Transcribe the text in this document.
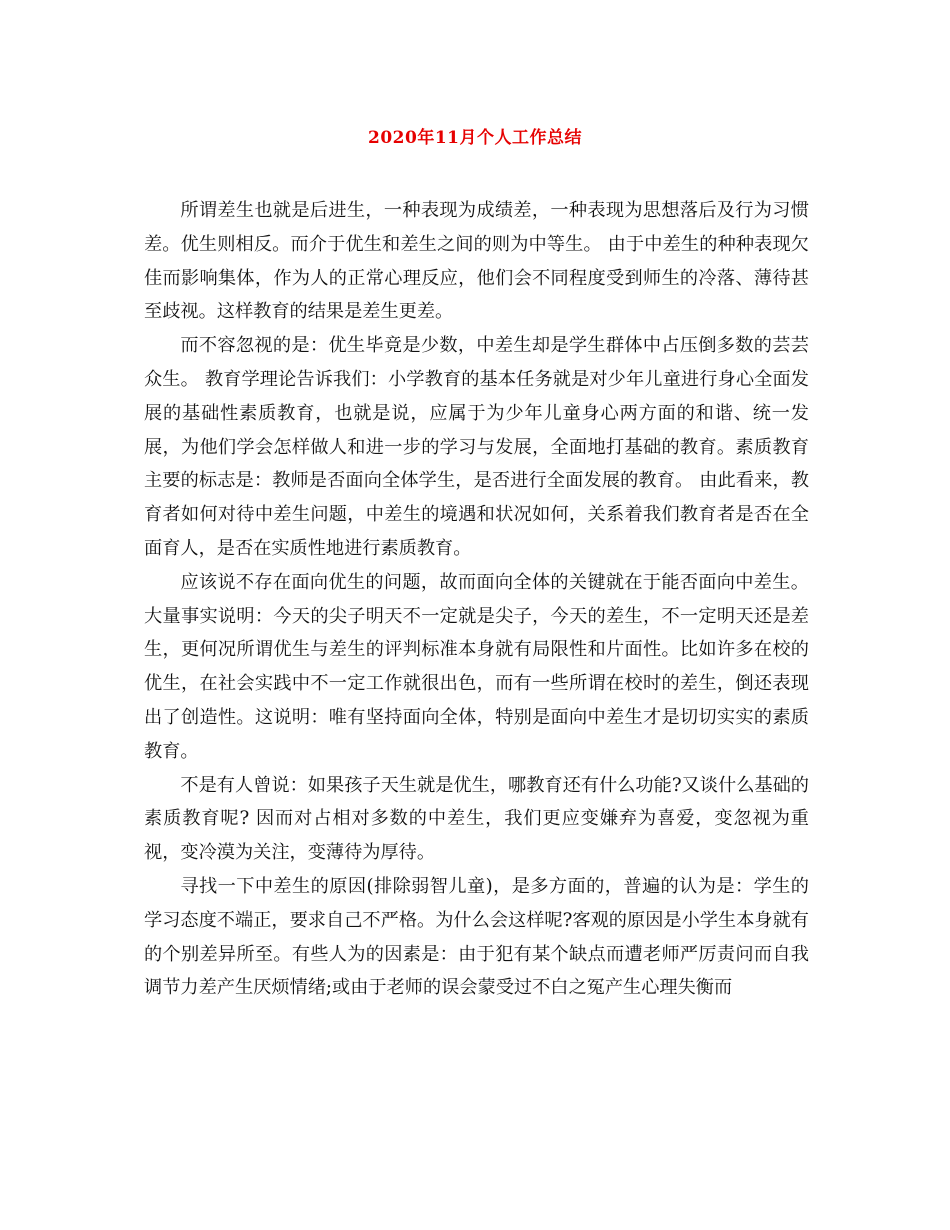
2020年11月个人工作总结

所谓差生也就是后进生，一种表现为成绩差，一种表现为思想落后及行为习惯差。优生则相反。而介于优生和差生之间的则为中等生。 由于中差生的种种表现欠佳而影响集体，作为人的正常心理反应，他们会不同程度受到师生的冷落、薄待甚至歧视。这样教育的结果是差生更差。

而不容忽视的是：优生毕竟是少数，中差生却是学生群体中占压倒多数的芸芸众生。 教育学理论告诉我们：小学教育的基本任务就是对少年儿童进行身心全面发展的基础性素质教育，也就是说，应属于为少年儿童身心两方面的和谐、统一发展，为他们学会怎样做人和进一步的学习与发展，全面地打基础的教育。素质教育主要的标志是：教师是否面向全体学生，是否进行全面发展的教育。 由此看来，教育者如何对待中差生问题，中差生的境遇和状况如何，关系着我们教育者是否在全面育人，是否在实质性地进行素质教育。

应该说不存在面向优生的问题，故而面向全体的关键就在于能否面向中差生。大量事实说明：今天的尖子明天不一定就是尖子，今天的差生，不一定明天还是差生，更何况所谓优生与差生的评判标准本身就有局限性和片面性。比如许多在校的优生，在社会实践中不一定工作就很出色，而有一些所谓在校时的差生，倒还表现出了创造性。这说明：唯有坚持面向全体，特别是面向中差生才是切切实实的素质教育。

不是有人曾说：如果孩子天生就是优生，哪教育还有什么功能?又谈什么基础的素质教育呢? 因而对占相对多数的中差生，我们更应变嫌弃为喜爱，变忽视为重视，变冷漠为关注，变薄待为厚待。

寻找一下中差生的原因(排除弱智儿童)，是多方面的，普遍的认为是：学生的学习态度不端正，要求自己不严格。为什么会这样呢?客观的原因是小学生本身就有的个别差异所至。有些人为的因素是：由于犯有某个缺点而遭老师严厉责问而自我调节力差产生厌烦情绪;或由于老师的误会蒙受过不白之冤产生心理失衡而
